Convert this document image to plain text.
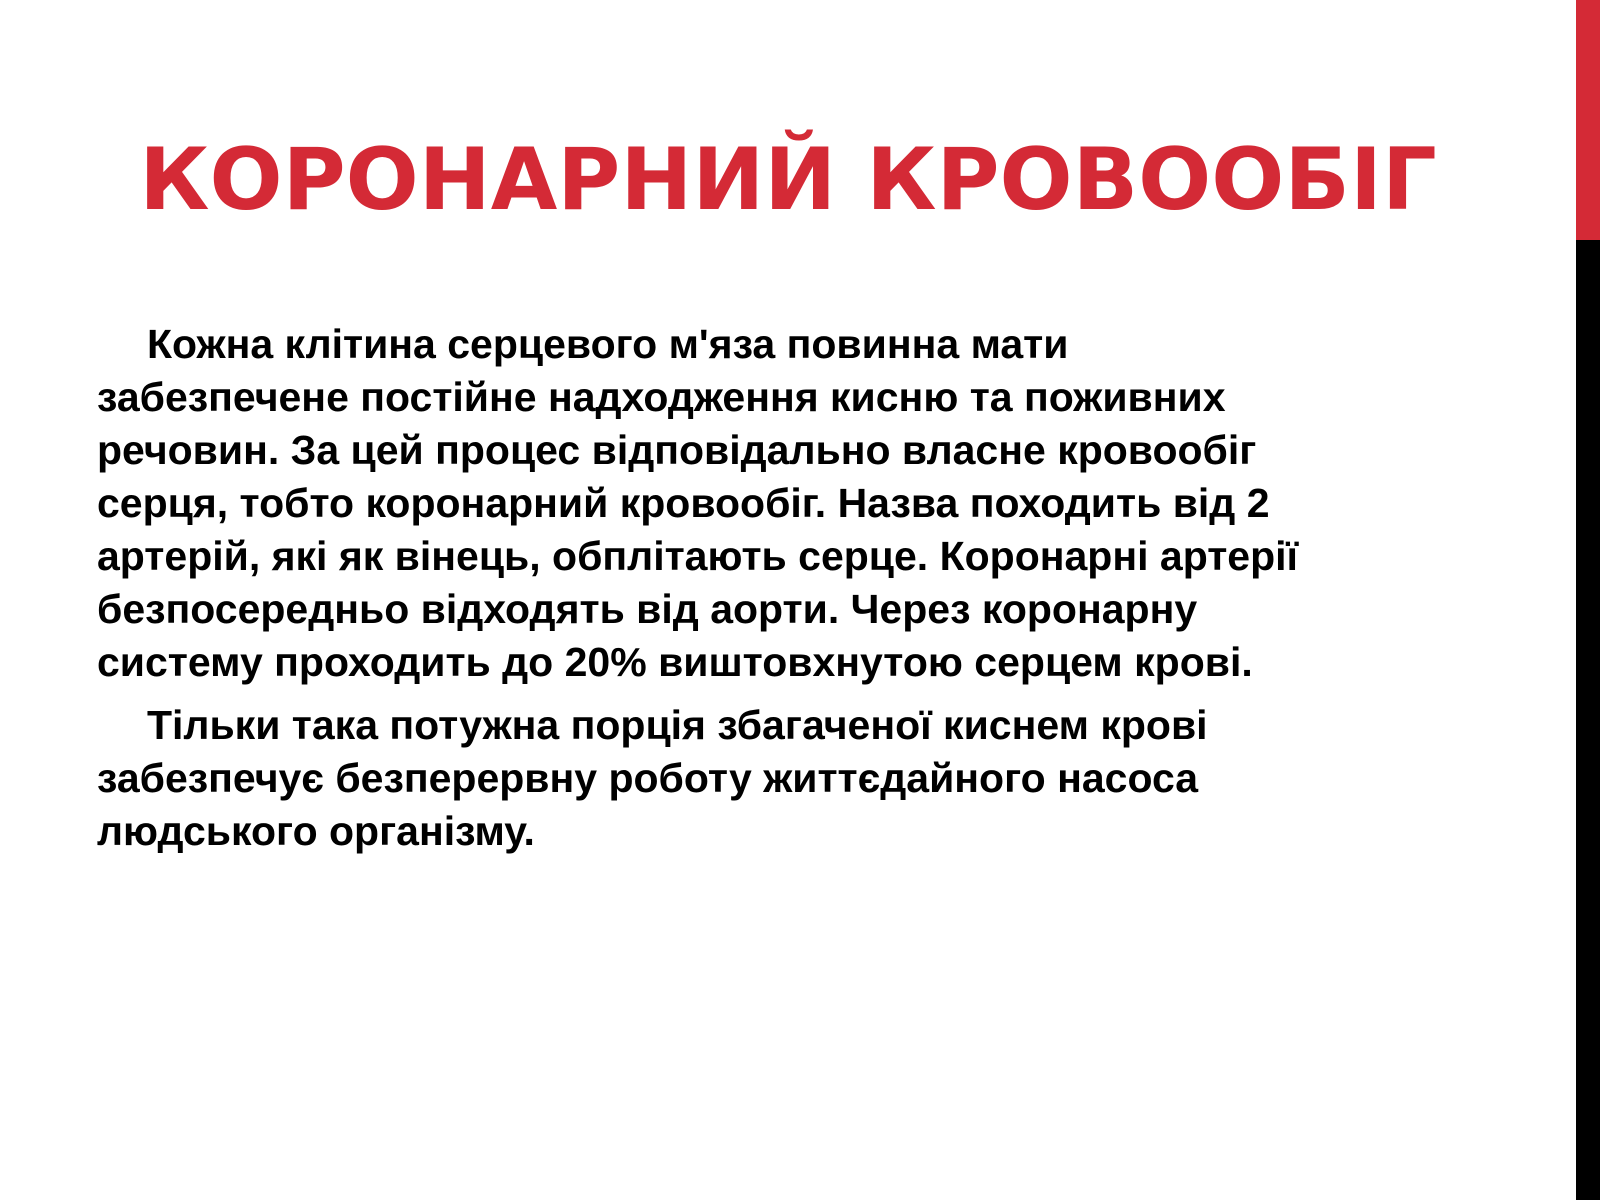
КОРОНАРНИЙ КРОВООБІГ

Кожна клітина серцевого м'яза повинна мати
забезпечене постійне надходження кисню та поживних
речовин. За цей процес відповідально власне кровообіг
серця, тобто коронарний кровообіг. Назва походить від 2
артерій, які як вінець, обплітають серце. Коронарні артерії
безпосередньо відходять від аорти. Через коронарну
систему проходить до 20% виштовхнутою серцем крові.

Тільки така потужна порція збагаченої киснем крові
забезпечує безперервну роботу життєдайного насоса
людського організму.
